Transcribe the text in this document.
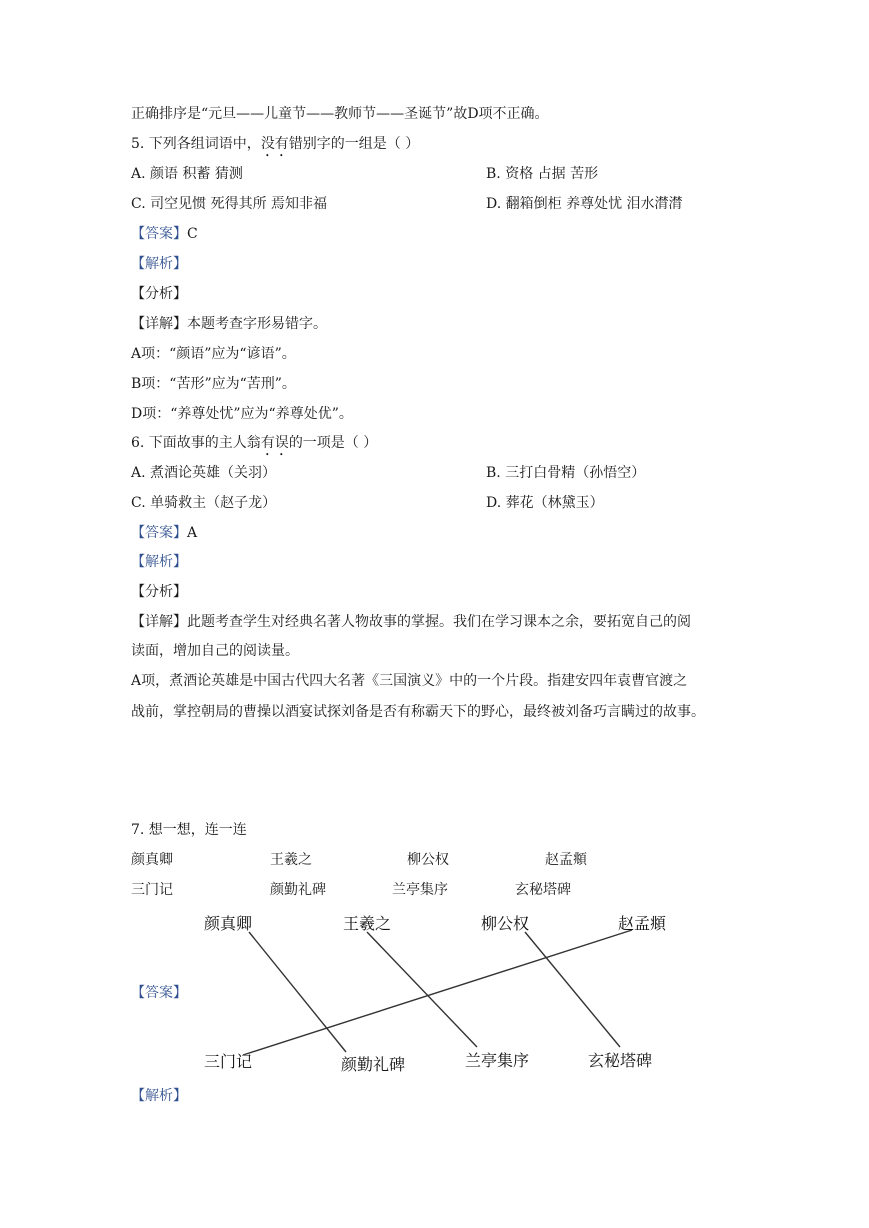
正确排序是“元旦——儿童节——教师节——圣诞节”故D项不正确。
5. 下列各组词语中，没有错别字的一组是（ ）
A. 颜语 积蓄 猜测	B. 资格 占据 苦形
C. 司空见惯 死得其所 焉知非福	D. 翻箱倒柜 养尊处忧 泪水潸潸
【答案】C
【解析】
【分析】
【详解】本题考查字形易错字。
A项：“颜语”应为“谚语”。
B项：“苦形”应为“苦刑”。
D项：“养尊处忧”应为“养尊处优”。
6. 下面故事的主人翁有误的一项是（ ）
A. 煮酒论英雄（关羽）	B. 三打白骨精（孙悟空）
C. 单骑救主（赵子龙）	D. 葬花（林黛玉）
【答案】A
【解析】
【分析】
【详解】此题考查学生对经典名著人物故事的掌握。我们在学习课本之余，要拓宽自己的阅
读面，增加自己的阅读量。
A项，煮酒论英雄是中国古代四大名著《三国演义》中的一个片段。指建安四年袁曹官渡之
战前，掌控朝局的曹操以酒宴试探刘备是否有称霸天下的野心，最终被刘备巧言瞒过的故事。
7. 想一想，连一连
颜真卿	王羲之	柳公权	赵孟頫
三门记	颜勤礼碑	兰亭集序	玄秘塔碑
颜真卿	王羲之	柳公权	赵孟頫
三门记	颜勤礼碑	兰亭集序	玄秘塔碑
【答案】
【解析】
